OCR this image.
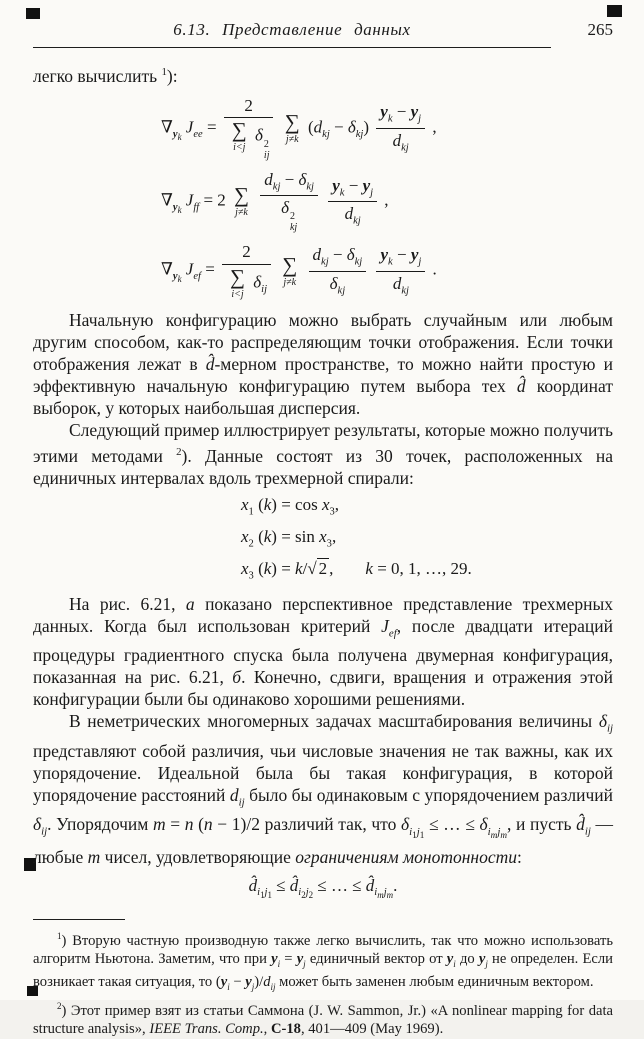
6.13. Представление данных	265

легко вычислить $^1$):

$\nabla_{y_k}$ $J_{ee} = 2$
∑
i<j
δ 2
ij
∑
j≠k
$(d_{kj} - \delta_{kj})$
$y_k - y_j$
$d_{kj}$
,
$\nabla_{y_k}$ $J_{ff} = 2$ ∑
j≠k

$d_{kj} - \delta_{kj}$
δ 2
kj

$y_k - y_j$
$d_{kj}$
,
$\nabla_{y_k}$ $J_{ef}$ =
2
∑
i<j
$\delta_{ij}$

∑
j≠k

$d_{kj} - \delta_{kj}$
$\delta_{kj}$

$y_k - y_j$
$d_{kj}$
.

Начальную конфигурацию можно выбрать случайным или любым другим способом, как-то распределяющим точки отображения. Если точки отображения лежат в d̂-мерном пространстве, то можно найти простую и эффективную начальную конфигурацию путем выбора тех d̂ координат выборок, у которых наибольшая дисперсия.

Следующий пример иллюстрирует результаты, которые можно получить этими методами $^2$). Данные состоят из 30 точек, расположенных на единичных интервалах вдоль трехмерной спирали:

$x_1$ $(k) = \cos x_3$,
$x_2$ $(k) = \sin x_3$,
$x_3$ (k) = k/√ 2 , k = 0, 1, …, 29.

На рис. 6.21, а показано перспективное представление трехмерных данных. Когда был использован критерий $J_{ef}$, после двадцати итераций процедуры градиентного спуска была получена двумерная конфигурация, показанная на рис. 6.21, б. Конечно, сдвиги, вращения и отражения этой конфигурации были бы одинаково хорошими решениями.

В неметрических многомерных задачах масштабирования величины $\delta_{ij}$ представляют собой различия, чьи числовые значения не так важны, как их упорядочение. Идеальной была бы такая конфигурация, в которой упорядочение расстояний $d_{ij}$ было бы одинаковым с упорядочением различий $\delta_{ij}$. Упорядочим m = n (n − 1)/2 различий так, что $\delta_{i_1j_1}$ ≤ … ≤ $\delta_{i_mj_m}$, и пусть $d̂_{ij}$ — любые m чисел, удовлетворяющие ограничениям монотонности:

$d̂_{i_1j_1}$ ≤ $d̂_{i_2j_2}$ ≤ … ≤ $d̂_{i_mj_m}$.

$^1$) Вторую частную производную также легко вычислить, так что можно использовать алгоритм Ньютона. Заметим, что при $y_i = y_j$ единичный вектор от $y_i$ до $y_j$ не определен. Если возникает такая ситуация, то $(y_i - y_j)/d_{ij}$ может быть заменен любым единичным вектором.

$^2$) Этот пример взят из статьи Саммона (J. W. Sammon, Jr.) «A nonlinear mapping for data structure analysis», IEEE Trans. Comp., C-18, 401—409 (May 1969).
